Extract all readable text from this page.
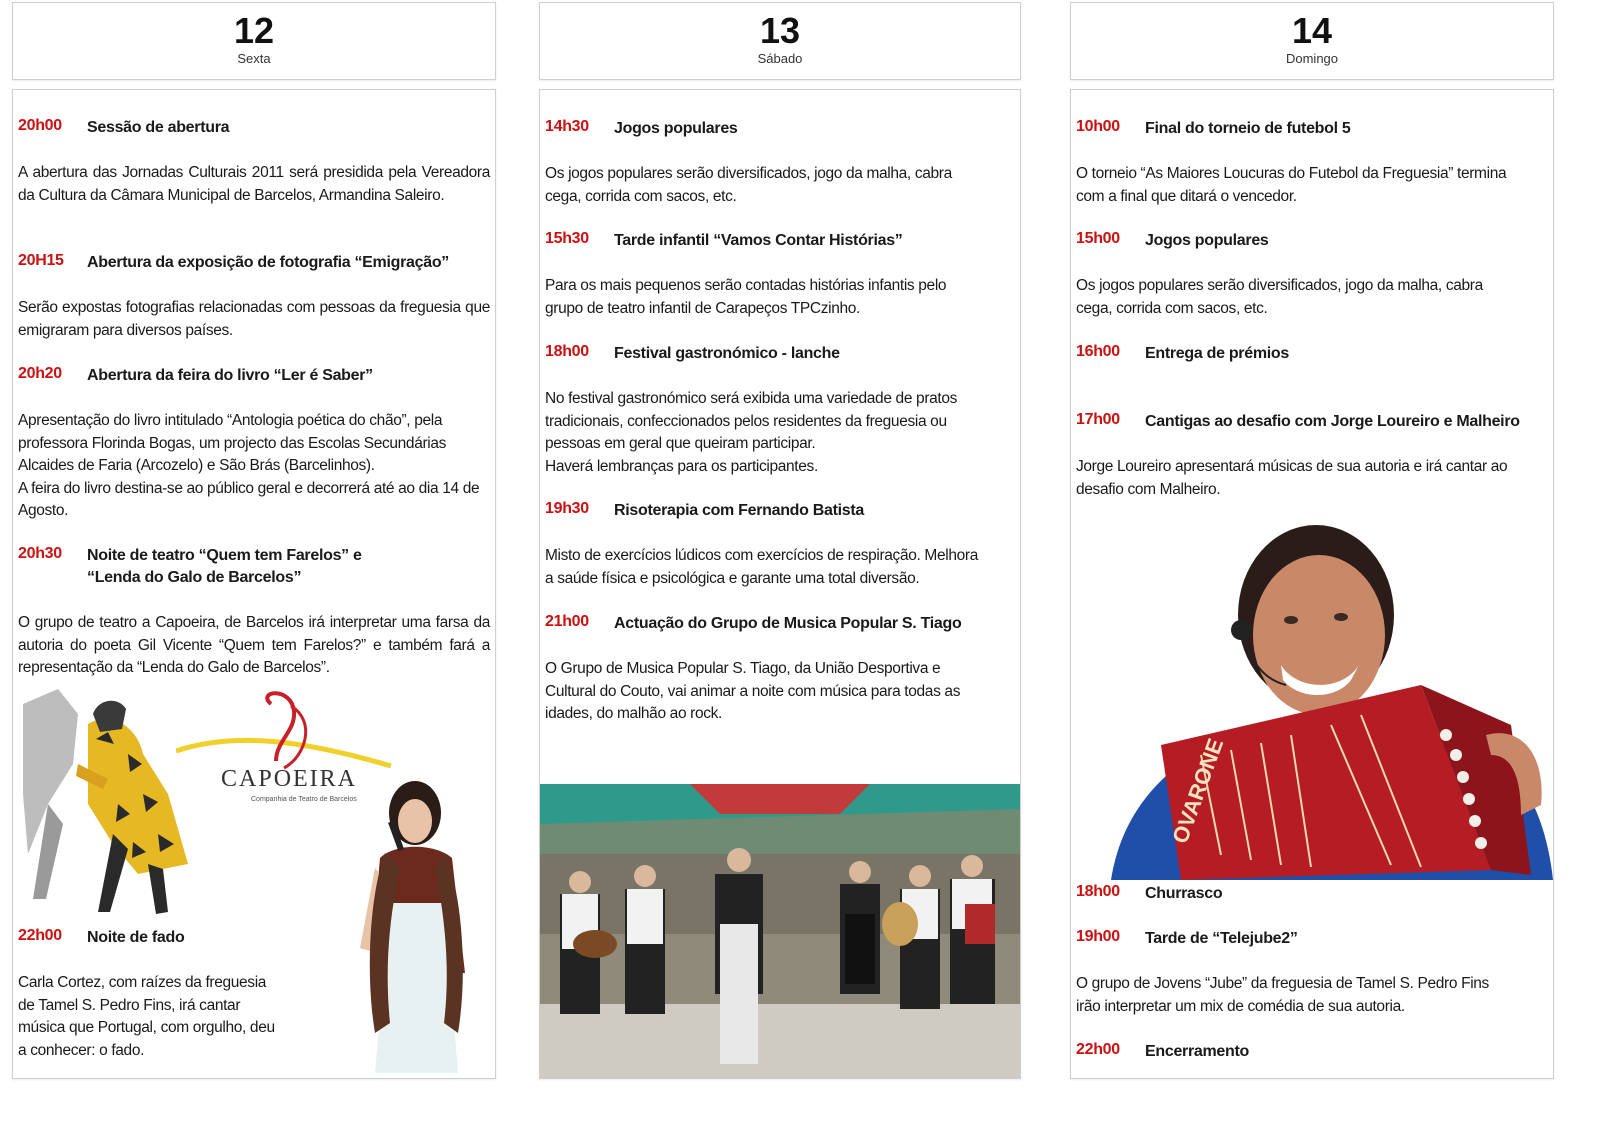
12
Sexta
13
Sábado
14
Domingo
20h00 Sessão de abertura
A abertura das Jornadas Culturais 2011 será presidida pela Vereadora da Cultura da Câmara Municipal de Barcelos, Armandina Saleiro.
20H15 Abertura da exposição de fotografia “Emigração”
Serão expostas fotografias relacionadas com pessoas da freguesia que emigraram para diversos países.
20h20 Abertura da feira do livro “Ler é Saber”
Apresentação do livro intitulado “Antologia poética do chão”, pela professora Florinda Bogas, um projecto das Escolas Secundárias Alcaides de Faria (Arcozelo) e São Brás (Barcelinhos).
A feira do livro destina-se ao público geral e decorrerá até ao dia 14 de Agosto.
20h30 Noite de teatro “Quem tem Farelos” e
“Lenda do Galo de Barcelos”
O grupo de teatro a Capoeira, de Barcelos irá interpretar uma farsa da autoria do poeta Gil Vicente “Quem tem Farelos?” e também fará a representação da “Lenda do Galo de Barcelos”.
CAPOEIRA
Companhia de Teatro de Barcelos
22h00 Noite de fado
Carla Cortez, com raízes da freguesia
de Tamel S. Pedro Fins, irá cantar
música que Portugal, com orgulho, deu
a conhecer: o fado.
14h30 Jogos populares
Os jogos populares serão diversificados, jogo da malha, cabra
cega, corrida com sacos, etc.
15h30 Tarde infantil “Vamos Contar Histórias”
Para os mais pequenos serão contadas histórias infantis pelo
grupo de teatro infantil de Carapeços TPCzinho.
18h00 Festival gastronómico - lanche
No festival gastronómico será exibida uma variedade de pratos
tradicionais, confeccionados pelos residentes da freguesia ou
pessoas em geral que queiram participar.
Haverá lembranças para os participantes.
19h30 Risoterapia com Fernando Batista
Misto de exercícios lúdicos com exercícios de respiração. Melhora
a saúde física e psicológica e garante uma total diversão.
21h00 Actuação do Grupo de Musica Popular S. Tiago
O Grupo de Musica Popular S. Tiago, da União Desportiva e
Cultural do Couto, vai animar a noite com música para todas as
idades, do malhão ao rock.
10h00 Final do torneio de futebol 5
O torneio “As Maiores Loucuras do Futebol da Freguesia” termina
com a final que ditará o vencedor.
15h00 Jogos populares
Os jogos populares serão diversificados, jogo da malha, cabra
cega, corrida com sacos, etc.
16h00 Entrega de prémios
17h00 Cantigas ao desafio com Jorge Loureiro e Malheiro
Jorge Loureiro apresentará músicas de sua autoria e irá cantar ao
desafio com Malheiro.
18h00 Churrasco
19h00 Tarde de “Telejube2”
O grupo de Jovens “Jube” da freguesia de Tamel S. Pedro Fins
irão interpretar um mix de comédia de sua autoria.
22h00 Encerramento
OVARONE
